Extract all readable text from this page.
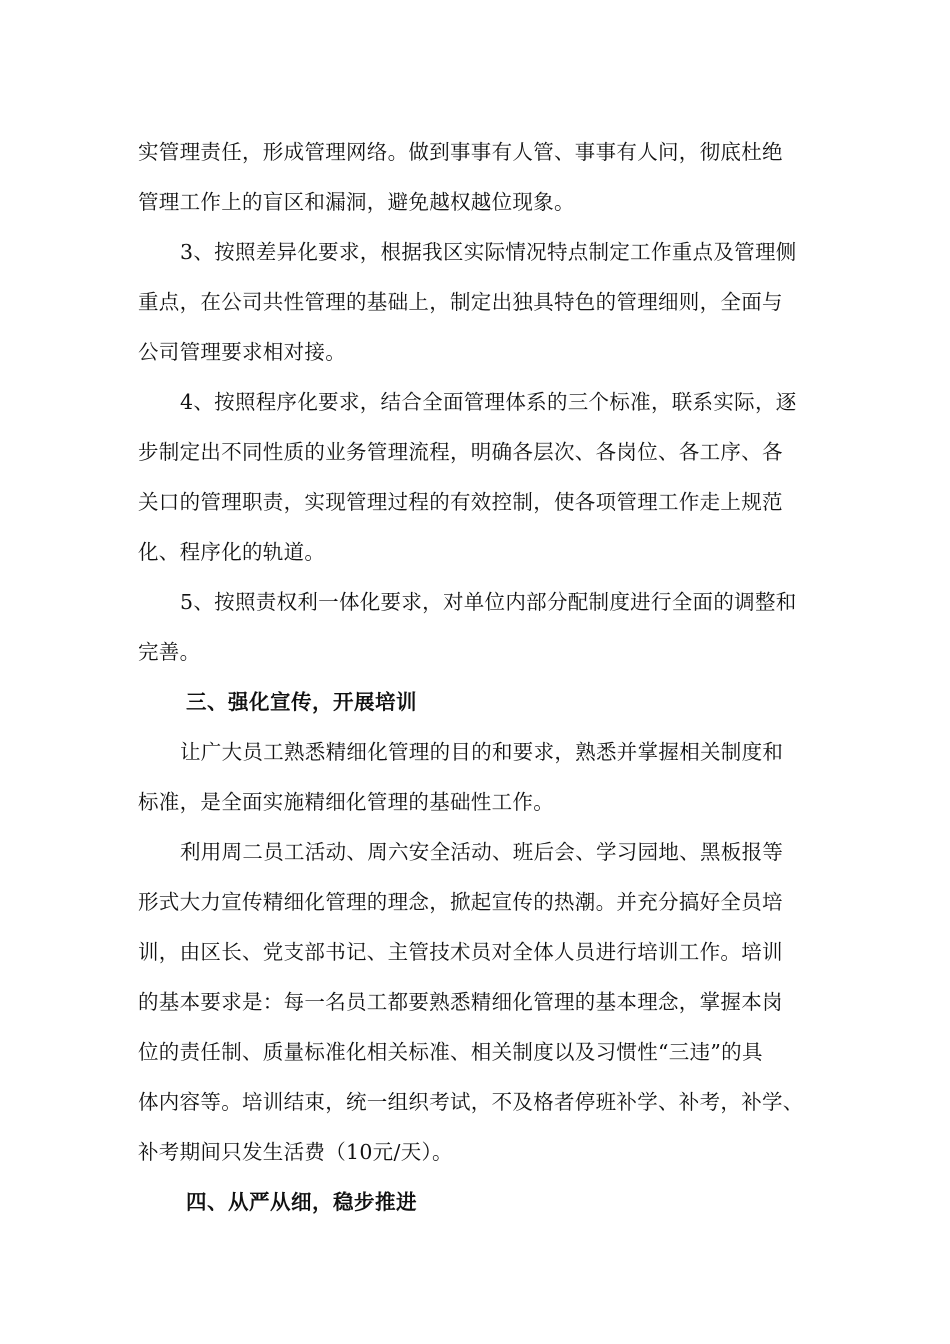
实管理责任，形成管理网络。做到事事有人管、事事有人问，彻底杜绝
管理工作上的盲区和漏洞，避免越权越位现象。
3、按照差异化要求，根据我区实际情况特点制定工作重点及管理侧
重点，在公司共性管理的基础上，制定出独具特色的管理细则，全面与
公司管理要求相对接。
4、按照程序化要求，结合全面管理体系的三个标准，联系实际，逐
步制定出不同性质的业务管理流程，明确各层次、各岗位、各工序、各
关口的管理职责，实现管理过程的有效控制，使各项管理工作走上规范
化、程序化的轨道。
5、按照责权利一体化要求，对单位内部分配制度进行全面的调整和
完善。
三、强化宣传，开展培训
让广大员工熟悉精细化管理的目的和要求，熟悉并掌握相关制度和
标准，是全面实施精细化管理的基础性工作。
利用周二员工活动、周六安全活动、班后会、学习园地、黑板报等
形式大力宣传精细化管理的理念，掀起宣传的热潮。并充分搞好全员培
训，由区长、党支部书记、主管技术员对全体人员进行培训工作。培训
的基本要求是：每一名员工都要熟悉精细化管理的基本理念，掌握本岗
位的责任制、质量标准化相关标准、相关制度以及习惯性“三违”的具
体内容等。培训结束，统一组织考试，不及格者停班补学、补考，补学、
补考期间只发生活费（10元/天）。
四、从严从细，稳步推进
